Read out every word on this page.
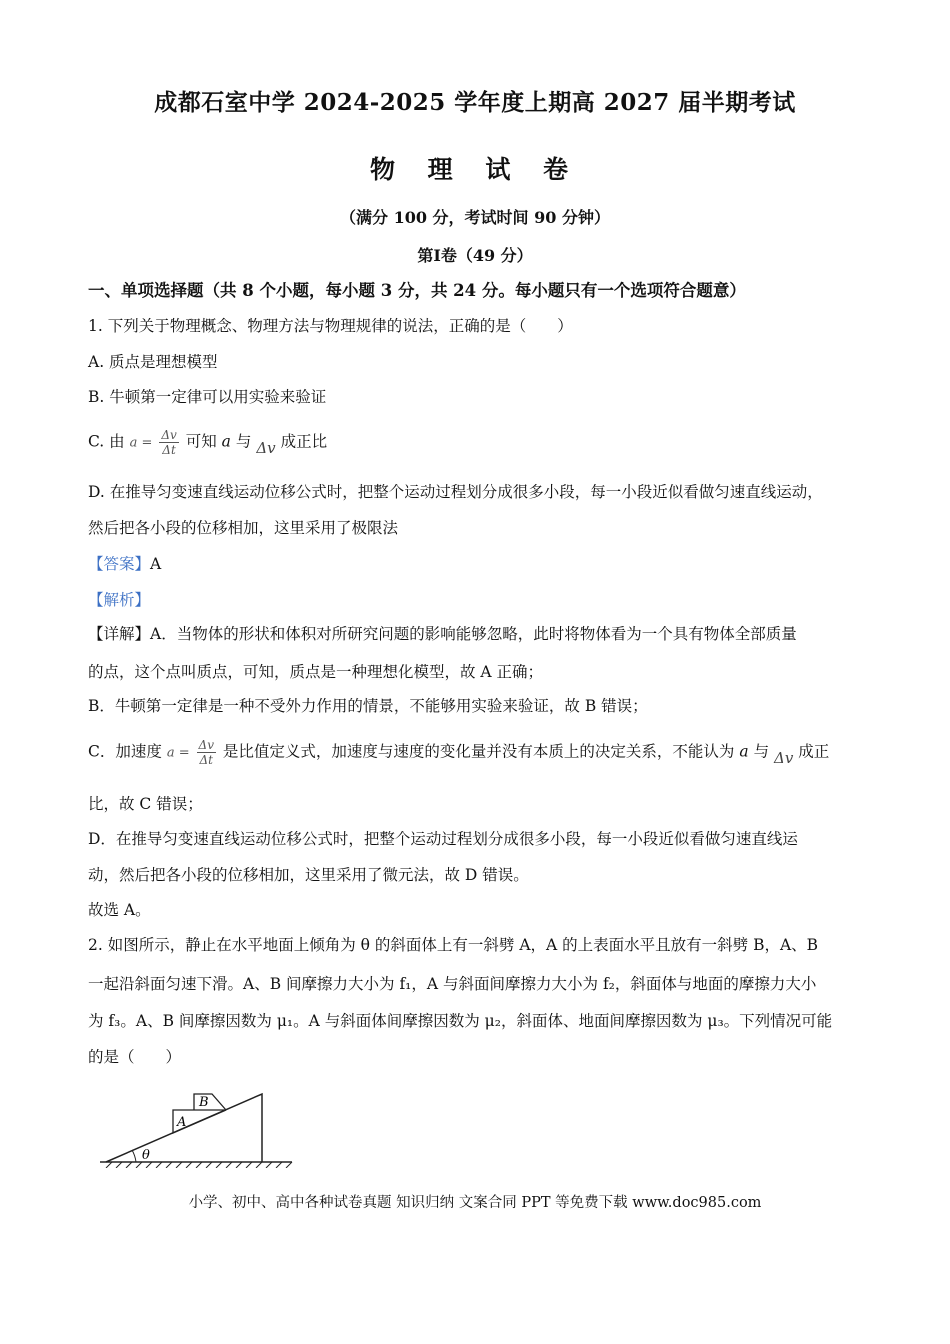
成都石室中学 2024-2025 学年度上期高 2027 届半期考试
物 理 试 卷
（满分 100 分，考试时间 90 分钟）
第Ⅰ卷（49 分）
一、单项选择题（共 8 个小题，每小题 3 分，共 24 分。每小题只有一个选项符合题意）
1. 下列关于物理概念、物理方法与物理规律的说法，正确的是（　　）
A. 质点是理想模型
B. 牛顿第一定律可以用实验来验证
C. 由 $a = \frac{\Delta v}{\Delta t}$ 可知 a 与 Δv 成正比
D. 在推导匀变速直线运动位移公式时，把整个运动过程划分成很多小段，每一小段近似看做匀速直线运动，
然后把各小段的位移相加，这里采用了极限法
【答案】A
【解析】
【详解】A．当物体的形状和体积对所研究问题的影响能够忽略，此时将物体看为一个具有物体全部质量
的点，这个点叫质点，可知，质点是一种理想化模型，故 A 正确；
B．牛顿第一定律是一种不受外力作用的情景，不能够用实验来验证，故 B 错误；
C．加速度 $a = \frac{\Delta v}{\Delta t}$ 是比值定义式，加速度与速度的变化量并没有本质上的决定关系，不能认为 a 与 Δv 成正
比，故 C 错误；
D．在推导匀变速直线运动位移公式时，把整个运动过程划分成很多小段，每一小段近似看做匀速直线运
动，然后把各小段的位移相加，这里采用了微元法，故 D 错误。
故选 A。
2. 如图所示，静止在水平地面上倾角为 θ 的斜面体上有一斜劈 A，A 的上表面水平且放有一斜劈 B，A、B
一起沿斜面匀速下滑。A、B 间摩擦力大小为 f₁，A 与斜面间摩擦力大小为 f₂，斜面体与地面的摩擦力大小
为 f₃。A、B 间摩擦因数为 μ₁。A 与斜面体间摩擦因数为 μ₂，斜面体、地面间摩擦因数为 μ₃。下列情况可能
的是（　　）
A
B
θ
小学、初中、高中各种试卷真题 知识归纳 文案合同 PPT 等免费下载 www.doc985.com
